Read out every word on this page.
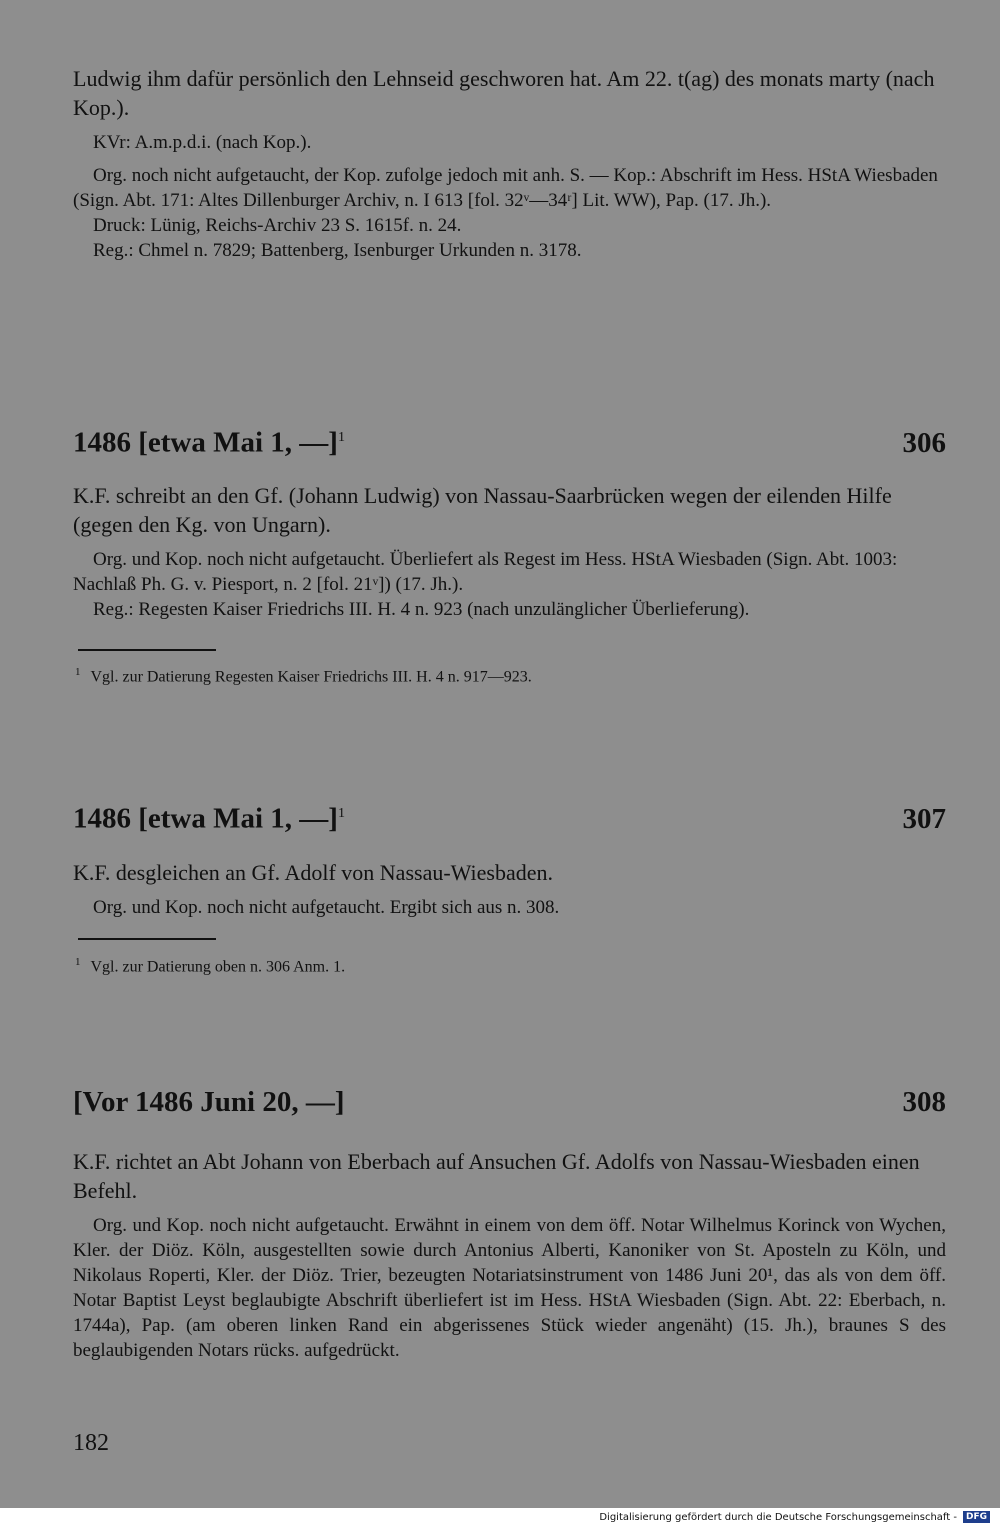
Ludwig ihm dafür persönlich den Lehnseid geschworen hat. Am 22. t(ag) des monats marty (nach Kop.).

KVr: A.m.p.d.i. (nach Kop.).

Org. noch nicht aufgetaucht, der Kop. zufolge jedoch mit anh. S. — Kop.: Abschrift im Hess. HStA Wiesbaden (Sign. Abt. 171: Altes Dillenburger Archiv, n. I 613 [fol. 32ᵛ—34ʳ] Lit. WW), Pap. (17. Jh.).

Druck: Lünig, Reichs-Archiv 23 S. 1615f. n. 24.

Reg.: Chmel n. 7829; Battenberg, Isenburger Urkunden n. 3178.

1486 [etwa Mai 1, —]$^1$	306

K.F. schreibt an den Gf. (Johann Ludwig) von Nassau-Saarbrücken wegen der eilenden Hilfe (gegen den Kg. von Ungarn).

Org. und Kop. noch nicht aufgetaucht. Überliefert als Regest im Hess. HStA Wiesbaden (Sign. Abt. 1003: Nachlaß Ph. G. v. Piesport, n. 2 [fol. 21ᵛ]) (17. Jh.).

Reg.: Regesten Kaiser Friedrichs III. H. 4 n. 923 (nach unzulänglicher Überlieferung).

$^1$ Vgl. zur Datierung Regesten Kaiser Friedrichs III. H. 4 n. 917—923.
1486 [etwa Mai 1, —]$^1$	307

K.F. desgleichen an Gf. Adolf von Nassau-Wiesbaden.

Org. und Kop. noch nicht aufgetaucht. Ergibt sich aus n. 308.

$^1$ Vgl. zur Datierung oben n. 306 Anm. 1.
[Vor 1486 Juni 20, —]	308

K.F. richtet an Abt Johann von Eberbach auf Ansuchen Gf. Adolfs von Nassau-Wiesbaden einen Befehl.

Org. und Kop. noch nicht aufgetaucht. Erwähnt in einem von dem öff. Notar Wilhelmus Korinck von Wychen, Kler. der Diöz. Köln, ausgestellten sowie durch Antonius Alberti, Kanoniker von St. Aposteln zu Köln, und Nikolaus Roperti, Kler. der Diöz. Trier, bezeugten Notariatsinstrument von 1486 Juni 20¹, das als von dem öff. Notar Baptist Leyst beglaubigte Abschrift überliefert ist im Hess. HStA Wiesbaden (Sign. Abt. 22: Eberbach, n. 1744a), Pap. (am oberen linken Rand ein abgerissenes Stück wieder angenäht) (15. Jh.), braunes S des beglaubigenden Notars rücks. aufgedrückt.

182
Digitalisierung gefördert durch die Deutsche Forschungsgemeinschaft - DFG
